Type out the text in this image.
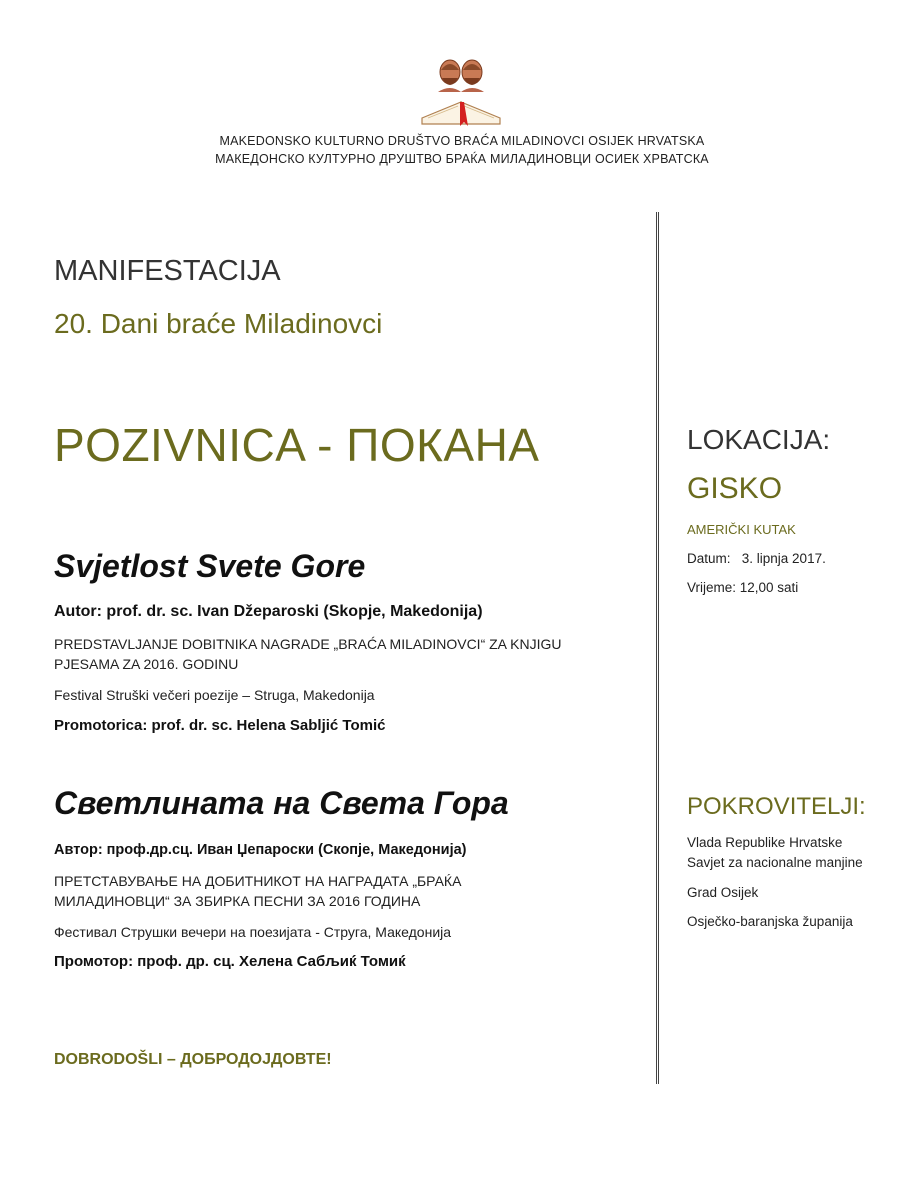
MAKEDONSKO KULTURNO DRUŠTVO BRAĆA MILADINOVCI OSIJEK HRVATSKA
МАКЕДОНСКО КУЛТУРНО ДРУШТВО БРАЌА МИЛАДИНОВЦИ ОСИЕК ХРВАТСКА
MANIFESTACIJA
20. Dani braće Miladinovci
POZIVNICA - ПОКАНА
Svjetlost Svete Gore
Autor: prof. dr. sc. Ivan Džeparoski (Skopje, Makedonija)
PREDSTAVLJANJE DOBITNIKA NAGRADE „BRAĆA MILADINOVCI“ ZA KNJIGU
PJESAMA ZA 2016. GODINU
Festival Struški večeri poezije – Struga, Makedonija
Promotorica: prof. dr. sc. Helena Sabljić Tomić
Светлината на Света Гора
Автор: проф.др.сц. Иван Џепароски (Скопје, Македонија)
ПРЕТСТАВУВАЊЕ НА ДОБИТНИКОТ НА НАГРАДАТА „БРАЌА
МИЛАДИНОВЦИ“ ЗА ЗБИРКА ПЕСНИ ЗА 2016 ГОДИНА
Фестивал Струшки вечери на поезијата - Струга, Македонија
Промотор: проф. др. сц. Хелена Сабљиќ Томиќ
DOBRODOŠLI – ДОБРОДОЈДОВТЕ!
LOKACIJA:
GISKO
AMERIČKI KUTAK
Datum:   3. lipnja 2017.
Vrijeme: 12,00 sati
POKROVITELJI:
Vlada Republike Hrvatske
Savjet za nacionalne manjine
Grad Osijek
Osječko-baranjska županija
